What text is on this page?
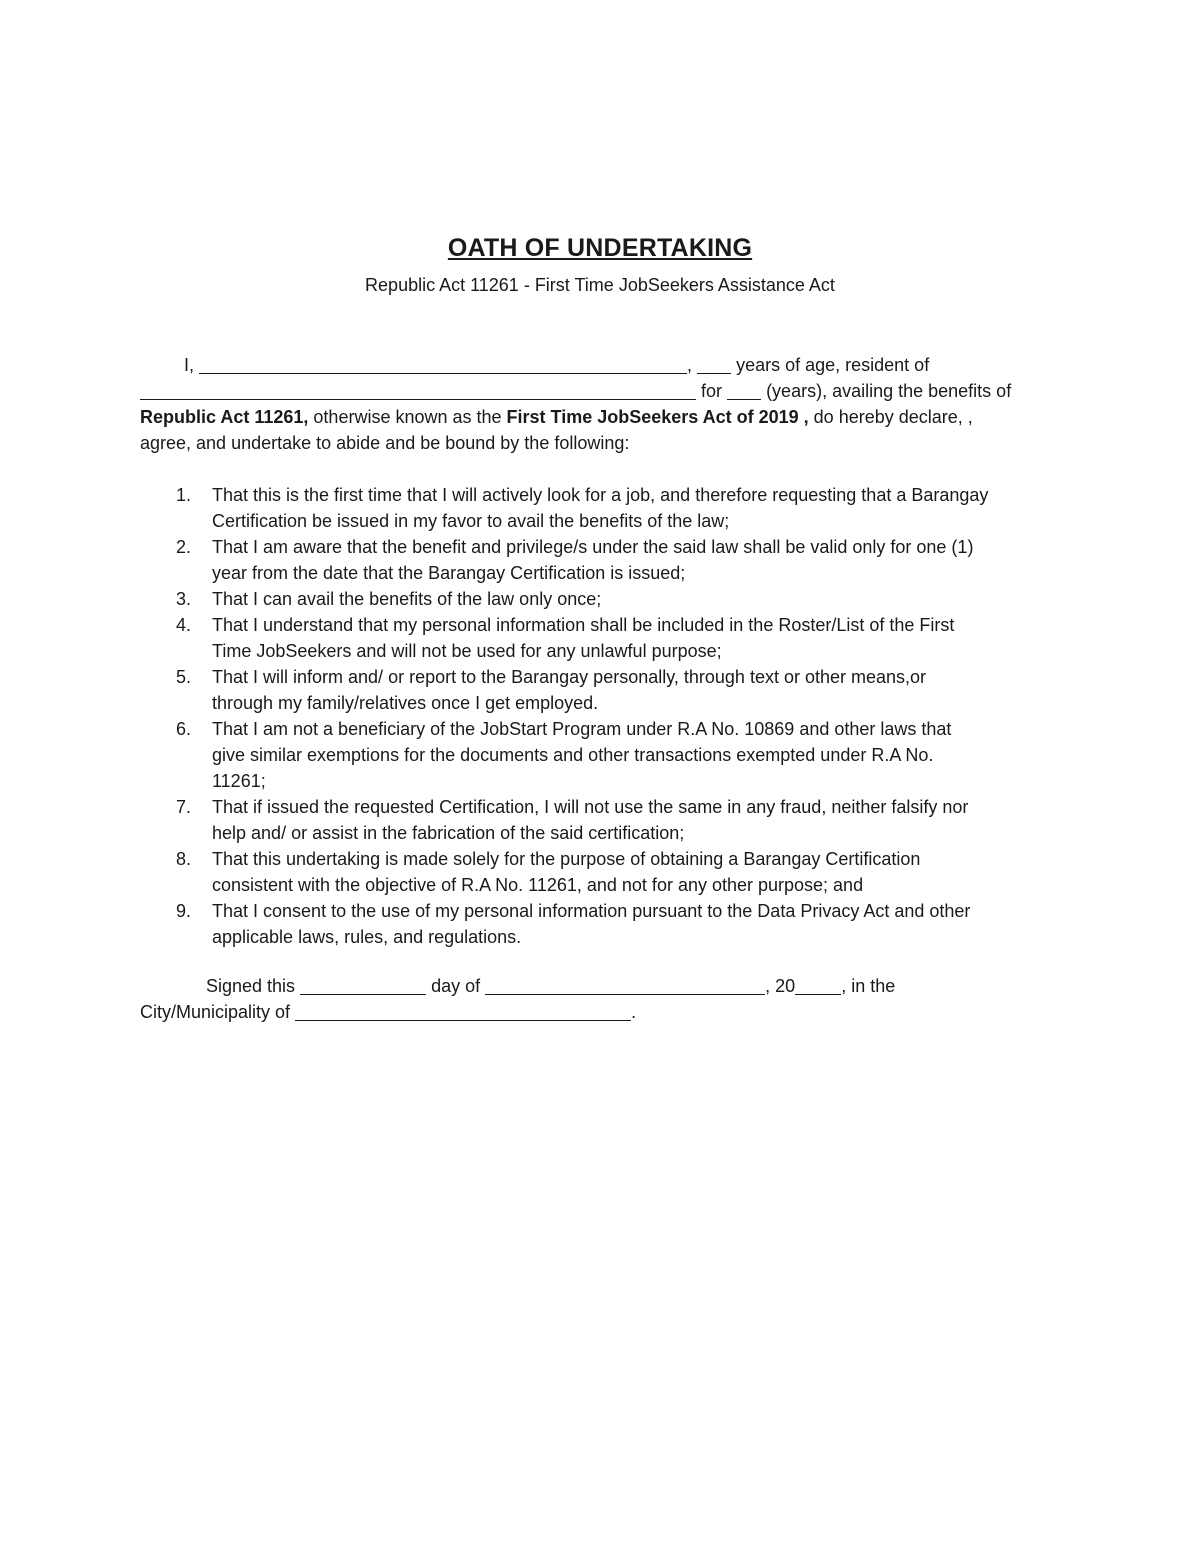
OATH OF UNDERTAKING
Republic Act 11261 - First Time JobSeekers Assistance Act
I,	, years of age, resident of
for (years), availing the benefits of
Republic Act 11261, otherwise known as the First Time JobSeekers Act of 2019 , do hereby declare, ,
agree, and undertake to abide and be bound by the following:
1. That this is the first time that I will actively look for a job, and therefore requesting that a Barangay
Certification be issued in my favor to avail the benefits of the law;
2. That I am aware that the benefit and privilege/s under the said law shall be valid only for one (1)
year from the date that the Barangay Certification is issued;
3. That I can avail the benefits of the law only once;
4. That I understand that my personal information shall be included in the Roster/List of the First
Time JobSeekers and will not be used for any unlawful purpose;
5. That I will inform and/ or report to the Barangay personally, through text or other means,or
through my family/relatives once I get employed.
6. That I am not a beneficiary of the JobStart Program under R.A No. 10869 and other laws that
give similar exemptions for the documents and other transactions exempted under R.A No.
11261;
7. That if issued the requested Certification, I will not use the same in any fraud, neither falsify nor
help and/ or assist in the fabrication of the said certification;
8. That this undertaking is made solely for the purpose of obtaining a Barangay Certification
consistent with the objective of R.A No. 11261, and not for any other purpose; and
9. That I consent to the use of my personal information pursuant to the Data Privacy Act and other
applicable laws, rules, and regulations.
Signed this	day of	, 20	, in the
City/Municipality of	.
